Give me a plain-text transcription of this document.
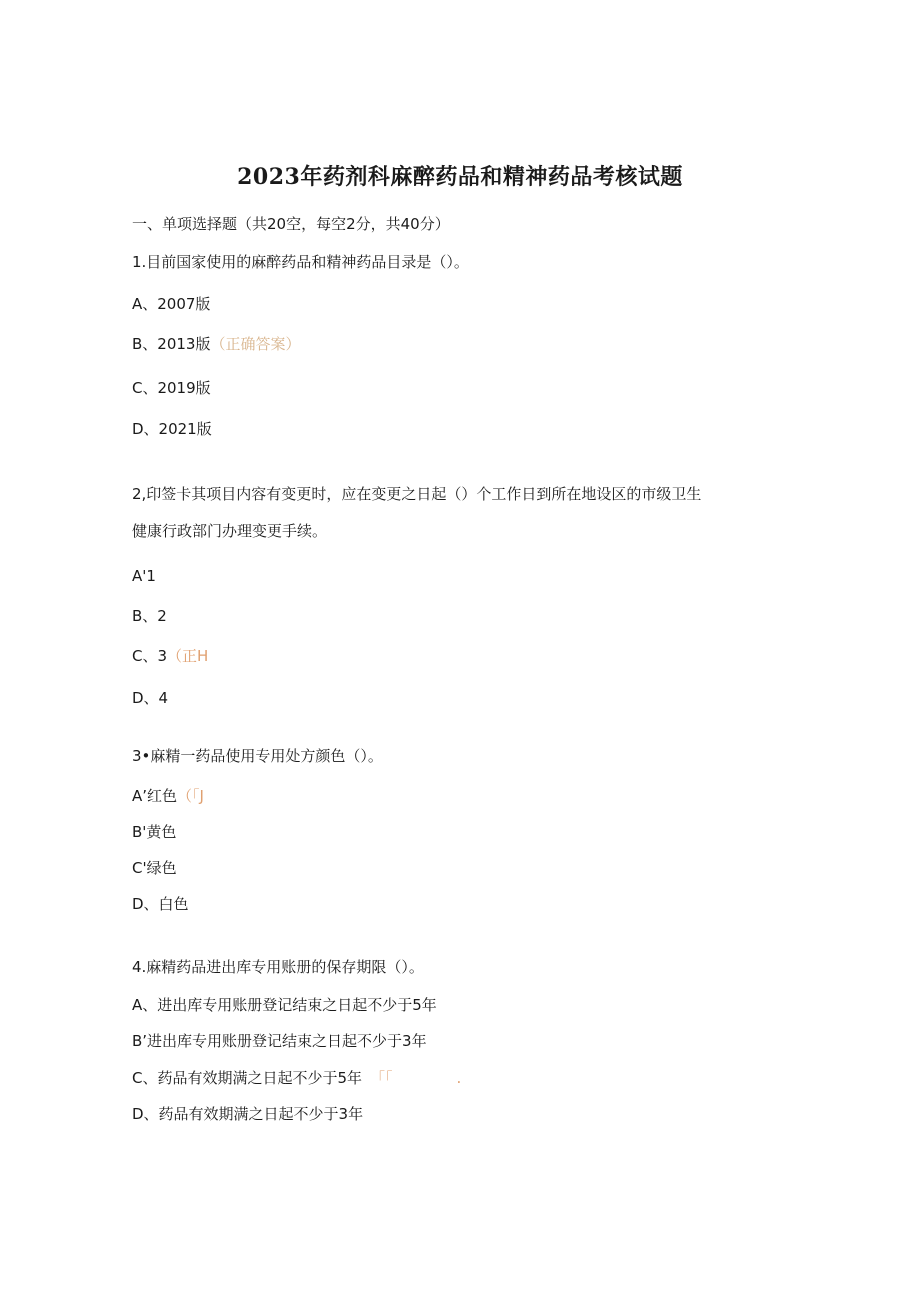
2023年药剂科麻醉药品和精神药品考核试题
一、单项选择题（共20空，每空2分，共40分）
1.目前国家使用的麻醉药品和精神药品目录是（）。
A、2007版
B、2013版（正确答案）
C、2019版
D、2021版
2,印签卡其项目内容有变更时，应在变更之日起（）个工作日到所在地设区的市级卫生
健康行政部门办理变更手续。
A'1
B、2
C、3（正H
D、4
3•麻精一药品使用专用处方颜色（）。
A’红色（「J
B'黄色
C'绿色
D、白色
4.麻精药品进出库专用账册的保存期限（）。
A、进出库专用账册登记结束之日起不少于5年
B’进出库专用账册登记结束之日起不少于3年
C、药品有效期满之日起不少于5年 「「	.
D、药品有效期满之日起不少于3年
